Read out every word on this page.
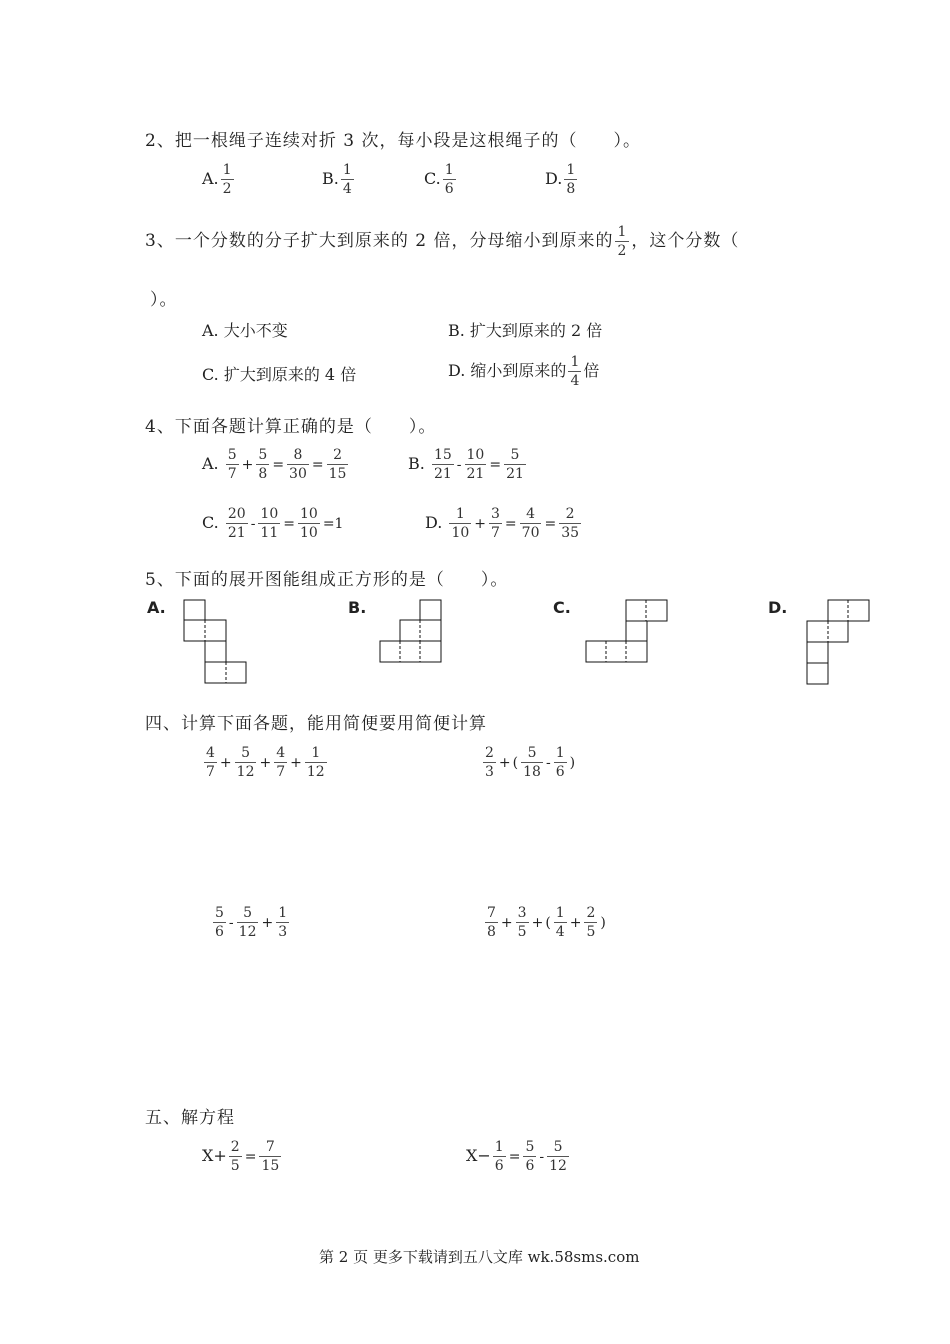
2、把一根绳子连续对折 3 次，每小段是这根绳子的（　　）。
A. $\frac{1}{2}$	B. $\frac{1}{4}$	C. $\frac{1}{6}$	D. $\frac{1}{8}$
3、一个分数的分子扩大到原来的 2 倍，分母缩小到原来的 $\frac{1}{2}$ ，这个分数（
）。
A. 大小不变	B. 扩大到原来的 2 倍
C. 扩大到原来的 4 倍	D. 缩小到原来的 $\frac{1}{4}$ 倍
4、下面各题计算正确的是（　　）。
A. $\frac{5}{7} + \frac{5}{8} = \frac{8}{30} = \frac{2}{15}$	B. $\frac{15}{21} - \frac{10}{21} = \frac{5}{21}$
C. $\frac{20}{21} - \frac{10}{11} = \frac{10}{10} =1$	D. $\frac{1}{10} + \frac{3}{7} = \frac{4}{70} = \frac{2}{35}$
5、下面的展开图能组成正方形的是（　　）。
A.	B.	C.	D.
四、计算下面各题，能用简便要用简便计算
$\frac{4}{7} + \frac{5}{12} + \frac{4}{7} + \frac{1}{12}$	$\frac{2}{3}$ + ( $\frac{5}{18} - \frac{1}{6}$ )
$\frac{5}{6} - \frac{5}{12} + \frac{1}{3}$	$\frac{7}{8} + \frac{3}{5}$ + ( $\frac{1}{4} + \frac{2}{5}$ )
五、解方程
$X+ \frac{2}{5} = \frac{7}{15}$	$X- \frac{1}{6} = \frac{5}{6} - \frac{5}{12}$
第 2 页 更多下载请到五八文库 wk.58sms.com
